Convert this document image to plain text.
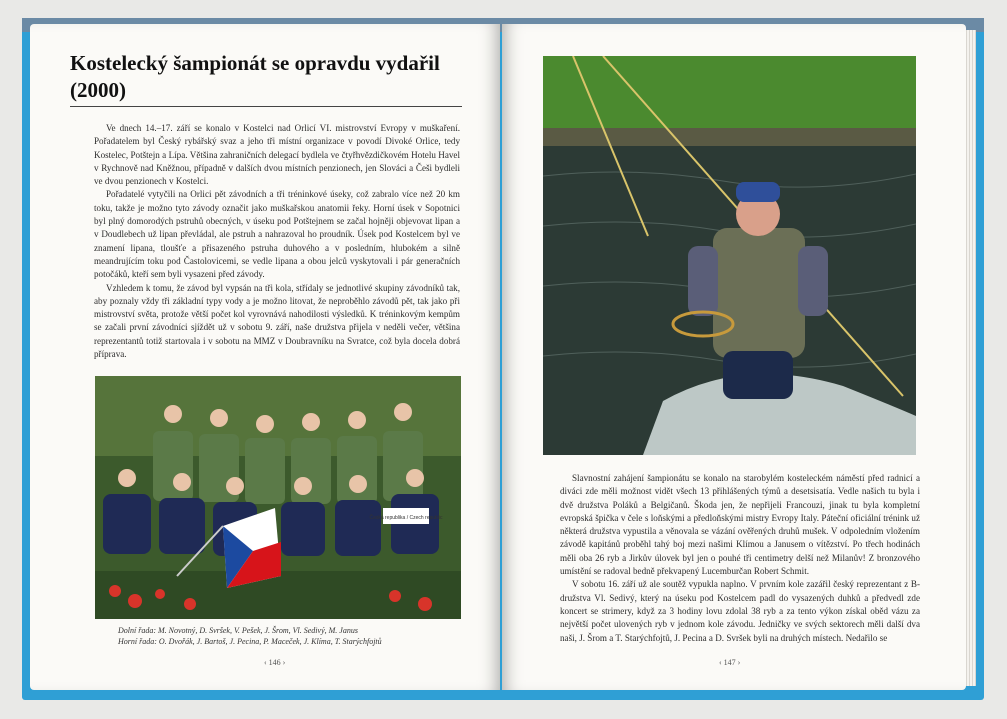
Kostelecký šampionát se opravdu vydařil (2000)

Ve dnech 14.–17. září se konalo v Kostelci nad Orlicí VI. mistrovství Evropy v muškaření. Pořadatelem byl Český rybářský svaz a jeho tři místní organizace v povodí Divoké Orlice, tedy Kostelec, Potštejn a Lípa. Většina zahraničních delegací bydlela ve čtyřhvězdičkovém Hotelu Havel v Rychnově nad Kněžnou, případně v dalších dvou místních penzionech, jen Slováci a Češi bydleli ve dvou penzionech v Kostelci.

Pořadatelé vytyčili na Orlici pět závodních a tři tréninkové úseky, což zabralo více než 20 km toku, takže je možno tyto závody označit jako muškařskou anatomii řeky. Horní úsek v Sopotnici byl plný domorodých pstruhů obecných, v úseku pod Potštejnem se začal hojněji objevovat lipan a v Doudlebech už lipan převládal, ale pstruh a nahrazoval ho proudník. Úsek pod Kostelcem byl ve znamení lipana, tloušťe a přisazeného pstruha duhového a v posledním, hlubokém a silně meandrujícím toku pod Častolovicemi, se vedle lipana a obou jelců vyskytovali i pár generačních potočáků, kteří sem byli vysazeni před závody.

Vzhledem k tomu, že závod byl vypsán na tři kola, střídaly se jednotlivé skupiny závodníků tak, aby poznaly vždy tři základní typy vody a je možno litovat, že neproběhlo závodů pět, tak jako při mistrovství světa, protože větší počet kol vyrovnává nahodilosti výsledků. K tréninkovým kempům se začali první závodníci sjíždět už v sobotu 9. září, naše družstva přijela v neděli večer, většina reprezentantů totiž startovala i v sobotu na MMZ v Doubravníku na Svratce, což byla docela dobrá příprava.

Česká republika / Czech republic
Dolní řada: M. Novotný, D. Svršek, V. Pešek, J. Šrom, Vl. Sedivý, M. Janus
Horní řada: O. Dvořák, J. Bartoš, J. Pecina, P. Maceček, J. Klíma, T. Starýchfojtů
‹ 146 ›

Slavnostní zahájení šampionátu se konalo na starobylém kosteleckém náměstí před radnicí a diváci zde měli možnost vidět všech 13 přihlášených týmů a desetsisatía. Vedle našich tu byla i dvě družstva Poláků a Belgičanů. Škoda jen, že nepřijeli Francouzi, jinak tu byla kompletní evropská špička v čele s loňskými a předloňskými mistry Evropy Italy. Páteční oficiální trénink už některá družstva vypustila a věnovala se vázání ověřených druhů mušek. V odpoledním vložením závodě kapitánů proběhl tahý boj mezi našimi Klímou a Janusem o vítězství. Po třech hodinách měli oba 26 ryb a Jirkův úlovek byl jen o pouhé tři centimetry delší než Milanův! Z bronzového umístění se radoval bedně překvapený Lucemburčan Robert Schmit.

V sobotu 16. září už ale soutěž vypukla naplno. V prvním kole zazářil český reprezentant z B-družstva Vl. Sedivý, který na úseku pod Kostelcem padl do vysazených duhků a předvedl zde koncert se strimery, když za 3 hodiny lovu zdolal 38 ryb a za tento výkon získal oběd vázu za největší počet ulovených ryb v jednom kole závodu. Jedničky ve svých sektorech měli další dva naši, J. Šrom a T. Starýchfojtů, J. Pecina a D. Svršek byli na druhých místech. Nedařilo se

‹ 147 ›
